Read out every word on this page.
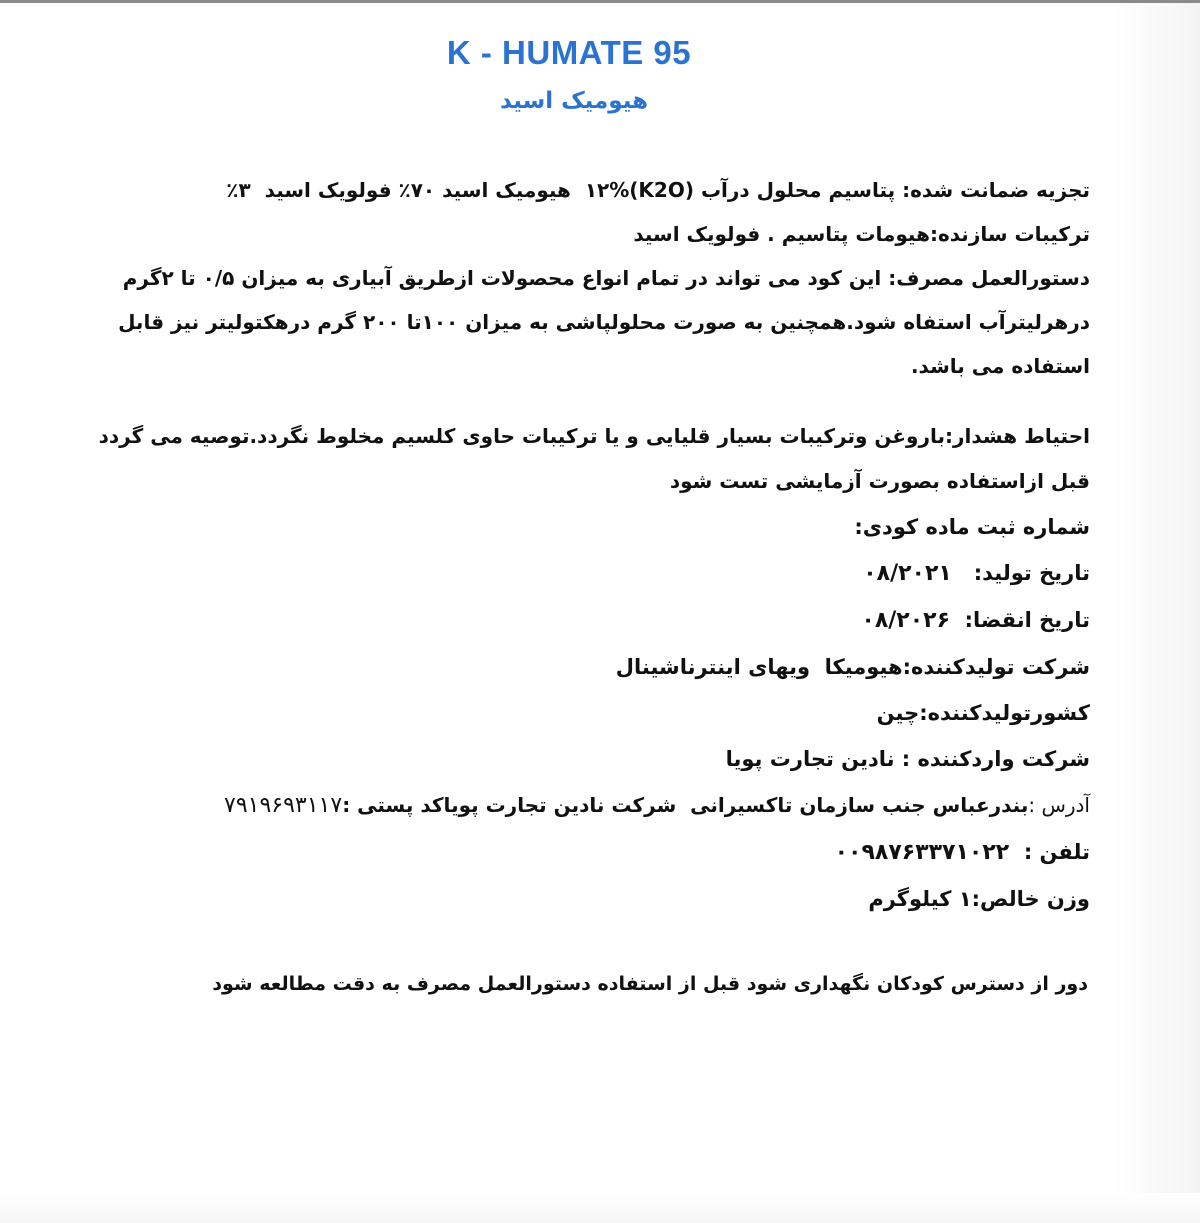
K - HUMATE 95
هیومیک اسید

تجزیه ضمانت شده: پتاسیم محلول درآب (K2O)۱۲%  هیومیک اسید ۷۰٪ فولویک اسید  ۳٪

ترکیبات سازنده:هیومات پتاسیم . فولویک اسید

دستورالعمل مصرف: این کود می تواند در تمام انواع محصولات ازطریق آبیاری به میزان ۰/۵ تا ۲گرم درهرلیترآب استفاه شود.همچنین به صورت محلولپاشی به میزان ۱۰۰تا ۲۰۰ گرم درهکتولیتر نیز قابل استفاده می باشد.

احتیاط هشدار:باروغن وترکیبات بسیار قلیایی و یا ترکیبات حاوی کلسیم مخلوط نگردد.توصیه می گردد قبل ازاستفاده بصورت آزمایشی تست شود

شماره ثبت ماده کودی:

تاریخ تولید:   ۰۸/۲۰۲۱

تاریخ انقضا:  ۰۸/۲۰۲۶

شرکت تولیدکننده:هیومیکا  ویهای اینترناشینال

کشورتولیدکننده:چین

شرکت واردکننده : نادین تجارت پویا

آدرس :بندرعباس جنب سازمان تاکسیرانی  شرکت نادین تجارت پویاکد پستی :۷۹۱۹۶۹۳۱۱۷

تلفن :  ۰۰۹۸۷۶۳۳۷۱۰۲۲

وزن خالص:۱ کیلوگرم

دور از دسترس کودکان نگهداری شود قبل از استفاده دستورالعمل مصرف به دقت مطالعه شود
